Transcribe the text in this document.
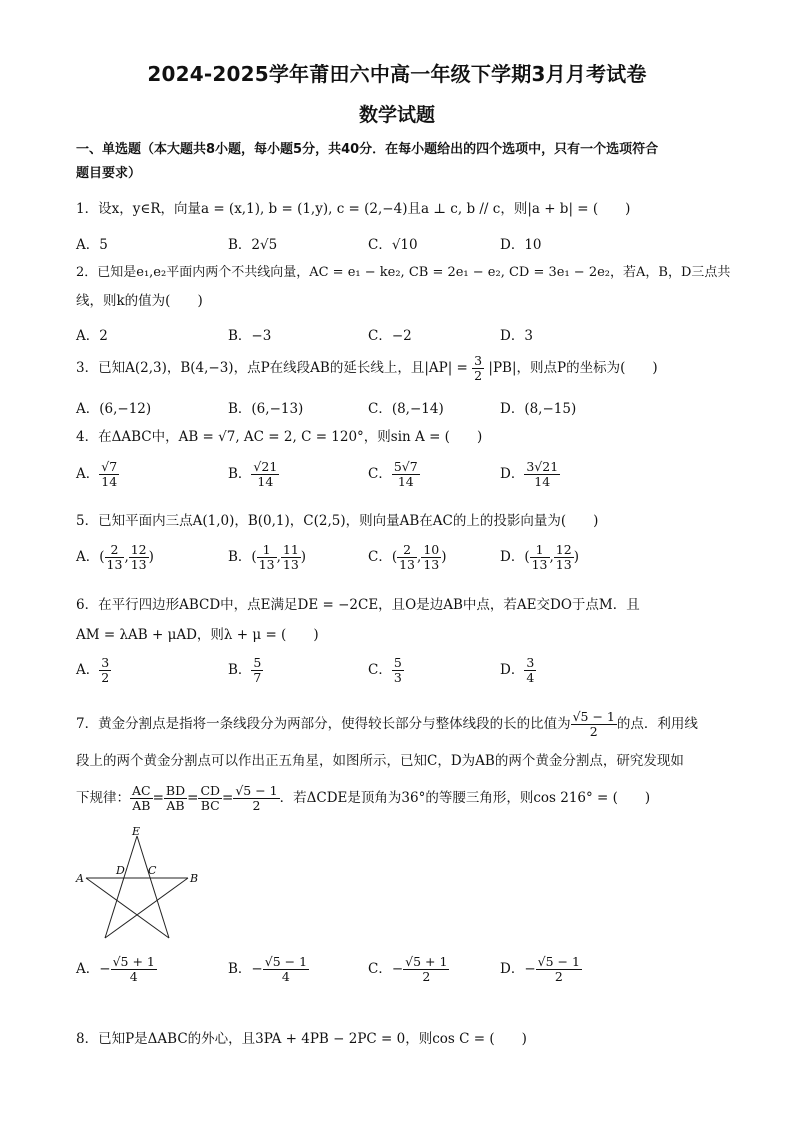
2024-2025学年莆田六中高一年级下学期3月月考试卷
数学试题
一、单选题（本大题共8小题，每小题5分，共40分．在每小题给出的四个选项中，只有一个选项符合
题目要求）
1．设x，y∈R，向量a = (x,1), b = (1,y), c = (2,−4)且a ⊥ c, b // c，则|a + b| = (　　)
A．5	B．2√5	C．√10	D．10
2．已知是e₁,e₂平面内两个不共线向量，AC = e₁ − ke₂, CB = 2e₁ − e₂, CD = 3e₁ − 2e₂，若A，B，D三点共
线，则k的值为(　　)
A．2	B．−3	C．−2	D．3
3．已知A(2,3)，B(4,−3)，点P在线段AB的延长线上，且$|AP| = \frac{3}{2} |PB|$，则点P的坐标为(　　)
A．(6,−12)	B．(6,−13)	C．(8,−14)	D．(8,−15)
4．在ΔABC中，AB = √7, AC = 2, C = 120°，则sin A = (　　)
A． $\frac{√7}{14}$	B． $\frac{√21}{14}$	C． $\frac{5√7}{14}$	D． $\frac{3√21}{14}$
5．已知平面内三点A(1,0)，B(0,1)，C(2,5)，则向量AB在AC的上的投影向量为(　　)
A．( $\frac{2}{13}$ , $\frac{12}{13}$ )	B．( $\frac{1}{13}$ , $\frac{11}{13}$ )	C．( $\frac{2}{13}$ , $\frac{10}{13}$ )	D．( $\frac{1}{13}$ , $\frac{12}{13}$ )
6．在平行四边形ABCD中，点E满足DE = −2CE，且O是边AB中点，若AE交DO于点M．且
AM = λAB + μAD，则λ + μ = (　　)
A． $\frac{3}{2}$	B． $\frac{5}{7}$	C． $\frac{5}{3}$	D． $\frac{3}{4}$
7．黄金分割点是指将一条线段分为两部分，使得较长部分与整体线段的长的比值为 $\frac{√5 - 1}{2}$ 的点．利用线
段上的两个黄金分割点可以作出正五角星，如图所示，已知C，D为AB的两个黄金分割点，研究发现如
下规律： $\frac{AC}{AB} = \frac{BD}{AB} = \frac{CD}{BC} = \frac{√5 - 1}{2}$ ．若ΔCDE是顶角为36°的等腰三角形，则cos 216° = (　　)
E
A
D C
B
A．− $\frac{√5 + 1}{4}$	B．− $\frac{√5 - 1}{4}$	C．− $\frac{√5 + 1}{2}$	D．− $\frac{√5 - 1}{2}$
8．已知P是ΔABC的外心，且3PA + 4PB − 2PC = 0，则cos C = (　　)
